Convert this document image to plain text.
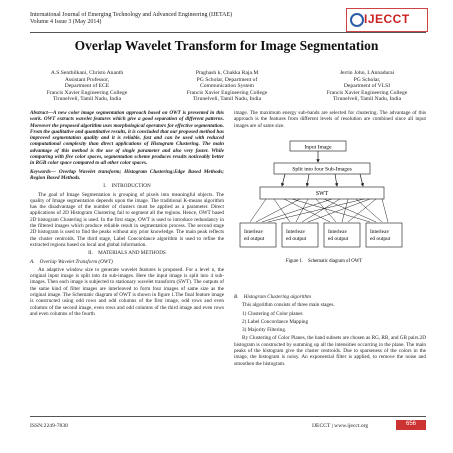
International Journal of Emerging Technology and Advanced Engineering (IJETAE)
Volume 4 Issue 3 (May 2014)	IJECCT
Overlap Wavelet Transform for Image Segmentation
A.S.Senthilkani, Christo Ananth
Assistant Professor,
Department of ECE
Francis Xavier Engineering College
Tirunelveli, Tamil Nadu, India
Praghash k, Chakka Raja.M
PG Scholar, Department of
Communication System
Francis Xavier Engineering College
Tirunelveli, Tamil Nadu, India
Jerrin John, I.Annadurai
PG Scholar,
Department of VLSI
Francis Xavier Engineering College
Tirunelveli, Tamil Nadu, India

Abstract—A new color image segmentation approach based on OWT is presented in this work. OWT extracts wavelet features which give a good separation of different patterns. Moreover the proposed algorithm uses morphological operators for effective segmentation. From the qualitative and quantitative results, it is concluded that our proposed method has improved segmentation quality and it is reliable, fast and can be used with reduced computational complexity than direct applications of Histogram Clustering. The main advantage of this method is the use of single parameter and also very faster. While comparing with five color spaces, segmentation scheme produces results noticeably better in RGB color space compared to all other color spaces.

Keywords— Overlap Wavelet transform; Histogram Clustering;Edge Based Methods; Region Based Methods.

I. INTRODUCTION

The goal of Image Segmentation is grouping of pixels into meaningful objects. The quality of Image segmentation depends upon the image. The traditional K-means algorithm has the disadvantage of the number of clusters must be applied as a parameter. Direct applications of 2D Histogram Clustering fail to segment all the regions. Hence, OWT based 2D histogram Clustering is used. In the first stage, OWT is used to introduce redundancy in the filtered images which produce reliable result in segmentation process. The second stage 2D histogram is used to find the peaks without any prior knowledge. The main peak reflects the cluster centroids. The third stage, Label Concordance algorithm is used to refine the extracted regions based on local and global information.

II. MATERIALS AND METHODS

A. Overlap Wavelet Transform (OWT)

An adaptive window size to generate wavelet features is proposed. For a level n, the original input image is split into 4n sub-images. Here the input image is split into 4 sub-images. Then each image is subjected to stationary wavelet transform (SWT). The outputs of the same kind of filter images are interleaved to form four images of same size as the original image. The Schematic diagram of OWT is shown in figure 1.The final feature image is constructed using odd rows and odd columns of the first image, odd rows and even columns of the second image, even rows and odd columns of the third image and even rows and even columns of the fourth

image. The maximum energy sub-bands are selected for clustering. The advantage of this approach is the features from different levels of resolution are combined since all input images are of same size.

Input Image
Split into four Sub-Images
SWT
Interleav ed output
Interleav ed output
Interleav ed output
Interleav ed output
Figure 1. Schematic diagram of OWT

B. Histogram Clustering algorithm

This algorithm consists of three main stages.

1) Clustering of Color planes

2) Label Concordance Mapping

3) Majority Filtering.

By Clustering of Color Planes, the band subsets are chosen as RG, RB, and GB pairs.2D histogram is constructed by summing up all the intensities occurring in the plane. The main peaks of the histogram give the cluster centroids. Due to sparseness of the colors in the image, the histogram is noisy. An exponential filter is applied, to remove the noise and smoothen the histogram.

ISSN:2249-7838	IJECCT | www.ijecct.org	656
